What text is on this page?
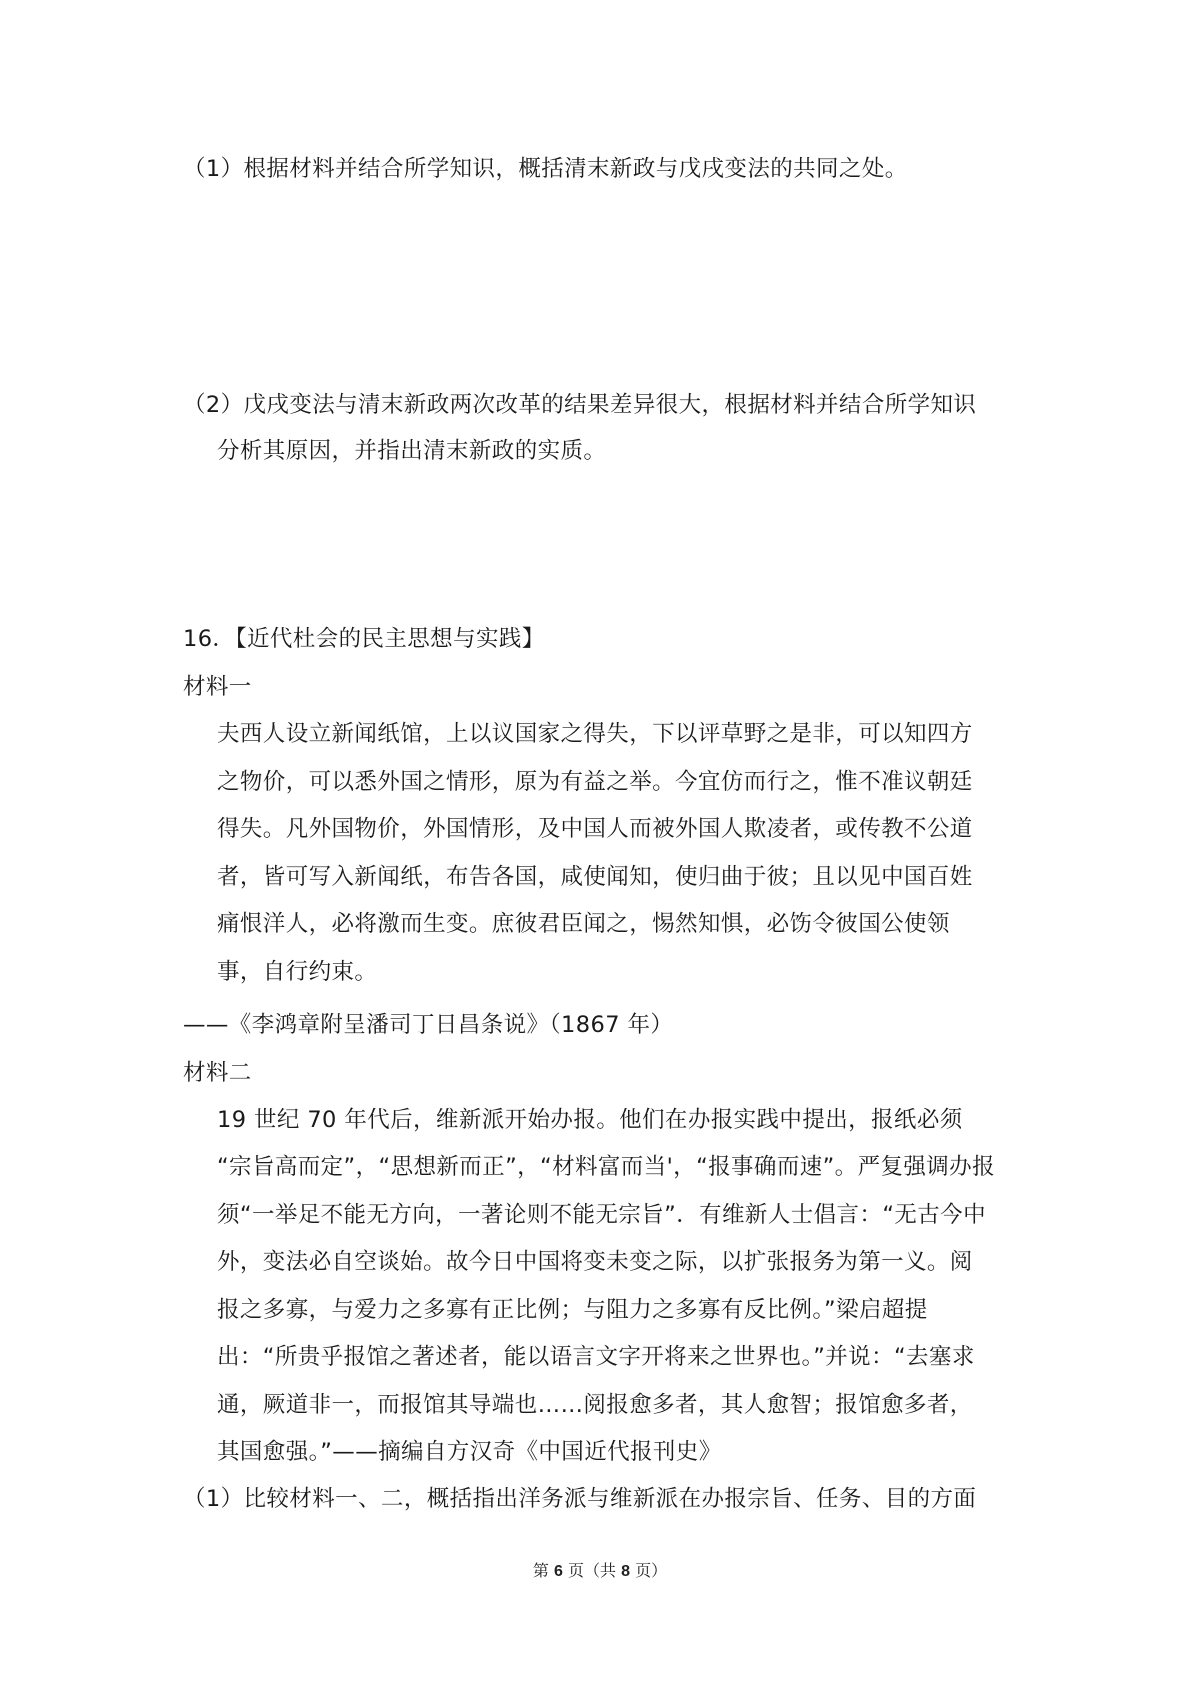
（1）根据材料并结合所学知识，概括清末新政与戊戌变法的共同之处。
（2）戊戌变法与清末新政两次改革的结果差异很大，根据材料并结合所学知识
分析其原因，并指出清末新政的实质。
16．【近代杜会的民主思想与实践】
材料一
夫西人设立新闻纸馆，上以议国家之得失，下以评草野之是非，可以知四方
之物价，可以悉外国之情形，原为有益之举。今宜仿而行之，惟不准议朝廷
得失。凡外国物价，外国情形，及中国人而被外国人欺凌者，或传教不公道
者，皆可写入新闻纸，布告各国，咸使闻知，使归曲于彼；且以见中国百姓
痛恨洋人，必将激而生变。庶彼君臣闻之，惕然知惧，必饬令彼国公使领
事，自行约束。
——《李鸿章附呈潘司丁日昌条说》（1867 年）
材料二
19 世纪 70 年代后，维新派开始办报。他们在办报实践中提出，报纸必须
“宗旨高而定”，“思想新而正”，“材料富而当'，“报事确而速”。严复强调办报
须“一举足不能无方向，一著论则不能无宗旨”．有维新人士倡言：“无古今中
外，变法必自空谈始。故今日中国将变未变之际，以扩张报务为第一义。阅
报之多寡，与爱力之多寡有正比例；与阻力之多寡有反比例。”梁启超提
出：“所贵乎报馆之著述者，能以语言文字开将来之世界也。”并说：“去塞求
通，厥道非一，而报馆其导端也……阅报愈多者，其人愈智；报馆愈多者，
其国愈强。”——摘编自方汉奇《中国近代报刊史》
（1）比较材料一、二，概括指出洋务派与维新派在办报宗旨、任务、目的方面
第 6 页（共 8 页）
